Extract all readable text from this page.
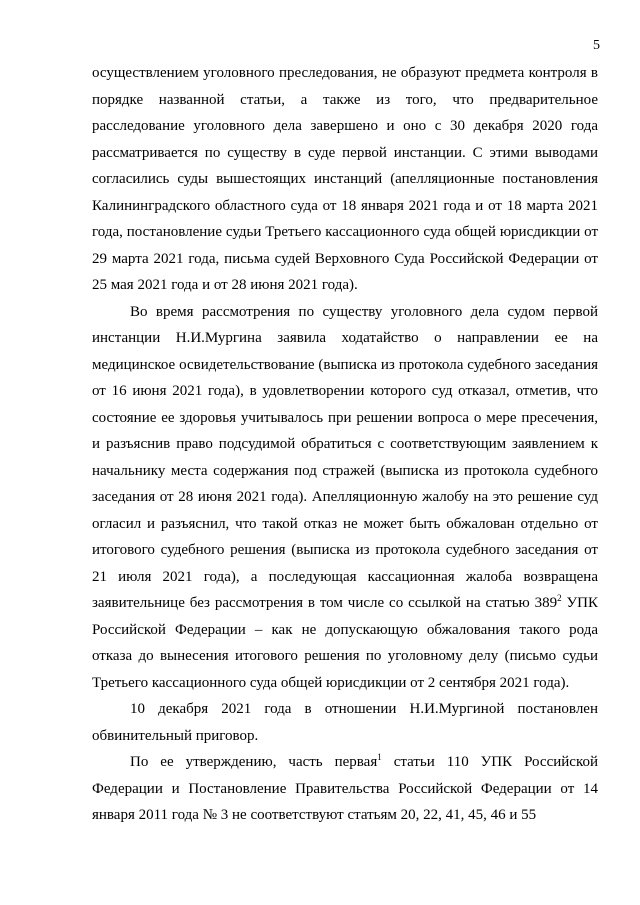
5

осуществлением уголовного преследования, не образуют предмета контроля в порядке названной статьи, а также из того, что предварительное расследование уголовного дела завершено и оно с 30 декабря 2020 года рассматривается по существу в суде первой инстанции. С этими выводами согласились суды вышестоящих инстанций (апелляционные постановления Калининградского областного суда от 18 января 2021 года и от 18 марта 2021 года, постановление судьи Третьего кассационного суда общей юрисдикции от 29 марта 2021 года, письма судей Верховного Суда Российской Федерации от 25 мая 2021 года и от 28 июня 2021 года).

Во время рассмотрения по существу уголовного дела судом первой инстанции Н.И.Мургина заявила ходатайство о направлении ее на медицинское освидетельствование (выписка из протокола судебного заседания от 16 июня 2021 года), в удовлетворении которого суд отказал, отметив, что состояние ее здоровья учитывалось при решении вопроса о мере пресечения, и разъяснив право подсудимой обратиться с соответствующим заявлением к начальнику места содержания под стражей (выписка из протокола судебного заседания от 28 июня 2021 года). Апелляционную жалобу на это решение суд огласил и разъяснил, что такой отказ не может быть обжалован отдельно от итогового судебного решения (выписка из протокола судебного заседания от 21 июля 2021 года), а последующая кассационная жалоба возвращена заявительнице без рассмотрения в том числе со ссылкой на статью $389^2$ УПК Российской Федерации – как не допускающую обжалования такого рода отказа до вынесения итогового решения по уголовному делу (письмо судьи Третьего кассационного суда общей юрисдикции от 2 сентября 2021 года).

10 декабря 2021 года в отношении Н.И.Мургиной постановлен обвинительный приговор.

По ее утверждению, часть первая$^1$ статьи 110 УПК Российской Федерации и Постановление Правительства Российской Федерации от 14 января 2011 года № 3 не соответствуют статьям 20, 22, 41, 45, 46 и 55
